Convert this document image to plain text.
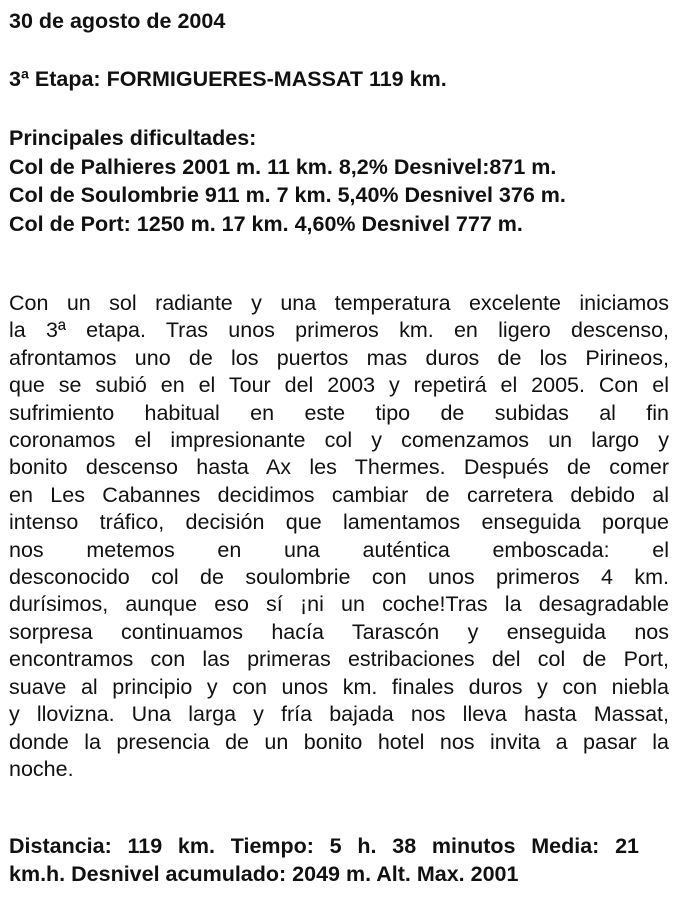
30 de agosto de 2004
3ª Etapa: FORMIGUERES-MASSAT 119 km.
Principales dificultades:
Col de Palhieres 2001 m. 11 km. 8,2% Desnivel:871 m.
Col de Soulombrie 911 m. 7 km. 5,40% Desnivel 376 m.
Col de Port: 1250 m. 17 km. 4,60% Desnivel 777 m.
Con un sol radiante y una temperatura excelente iniciamos
la 3ª etapa. Tras unos primeros km. en ligero descenso,
afrontamos uno de los puertos mas duros de los Pirineos,
que se subió en el Tour del 2003 y repetirá el 2005. Con el
sufrimiento habitual en este tipo de subidas al fin
coronamos el impresionante col y comenzamos un largo y
bonito descenso hasta Ax les Thermes. Después de comer
en Les Cabannes decidimos cambiar de carretera debido al
intenso tráfico, decisión que lamentamos enseguida porque
nos metemos en una auténtica emboscada: el
desconocido col de soulombrie con unos primeros 4 km.
durísimos, aunque eso sí ¡ni un coche!Tras la desagradable
sorpresa continuamos hacía Tarascón y enseguida nos
encontramos con las primeras estribaciones del col de Port,
suave al principio y con unos km. finales duros y con niebla
y llovizna. Una larga y fría bajada nos lleva hasta Massat,
donde la presencia de un bonito hotel nos invita a pasar la
noche.
Distancia: 119 km. Tiempo: 5 h. 38 minutos Media: 21
km.h. Desnivel acumulado: 2049 m. Alt. Max. 2001
